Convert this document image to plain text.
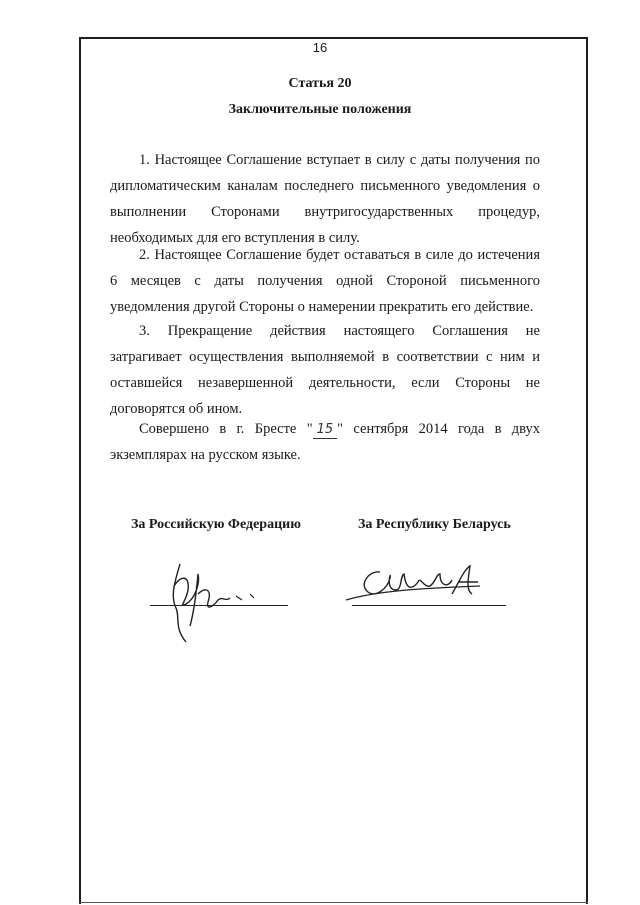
16
Статья 20
Заключительные положения

1. Настоящее Соглашение вступает в силу с даты получения по дипломатическим каналам последнего письменного уведомления о выполнении Сторонами внутригосударственных процедур, необходимых для его вступления в силу.

2. Настоящее Соглашение будет оставаться в силе до истечения 6 месяцев с даты получения одной Стороной письменного уведомления другой Стороны о намерении прекратить его действие.

3. Прекращение действия настоящего Соглашения не затрагивает осуществления выполняемой в соответствии с ним и оставшейся незавершенной деятельности, если Стороны не договорятся об ином.

Совершено в г. Бресте " 15 " сентября 2014 года в двух экземплярах на русском языке.

За Российскую Федерацию	За Республику Беларусь
